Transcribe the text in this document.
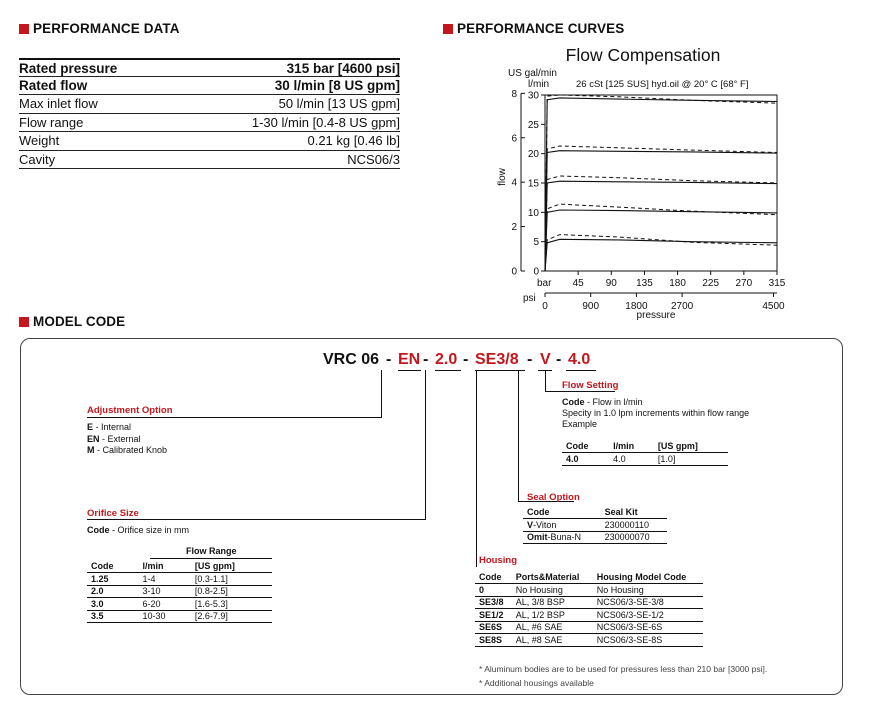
PERFORMANCE DATA	PERFORMANCE CURVES
MODEL CODE
Rated pressure	315 bar [4600 psi]
Rated flow	30 l/min [8 US gpm]
Max inlet flow	50 l/min [13 US gpm]
Flow range	1-30 l/min [0.4-8 US gpm]
Weight	0.21 kg [0.46 lb]
Cavity	NCS06/3
Flow Compensation
US gal/min
l/min	26 cSt [125 SUS] hyd.oil @ 20° C [68° F]
flow
bar
psi
pressure
0
5
10
15
20
25
30
0
2
4
6
8
45 90 135 180 225 270 315
0	900	1800 2700	4500
VRC 06 - EN - 2.0 - SE3/8 - V - 4.0
Adjustment Option
E - Internal
EN - External
M - Calibrated Knob
Orifice Size
Code - Orifice size in mm
Flow Range
Code	l/min	[US gpm]
1.25	1-4	[0.3-1.1]
2.0	3-10	[0.8-2.5]
3.0	6-20	[1.6-5.3]
3.5	10-30	[2.6-7.9]
Flow Setting
Code - Flow in l/min
Specity in 1.0 lpm increments within flow range
Example
Code	l/min	[US gpm]
4.0	4.0	[1.0]
Seal Option
Code	Seal Kit
V-Viton	230000110
Omit-Buna-N	230000070
Housing
Code	Ports&Material	Housing Model Code
0	No Housing	No Housing
SE3/8	AL, 3/8 BSP	NCS06/3-SE-3/8
SE1/2	AL, 1/2 BSP	NCS06/3-SE-1/2
SE6S	AL, #6 SAE	NCS06/3-SE-6S
SE8S	AL, #8 SAE	NCS06/3-SE-8S
* Aluminum bodies are to be used for pressures less than 210 bar [3000 psi].
* Additional housings available
